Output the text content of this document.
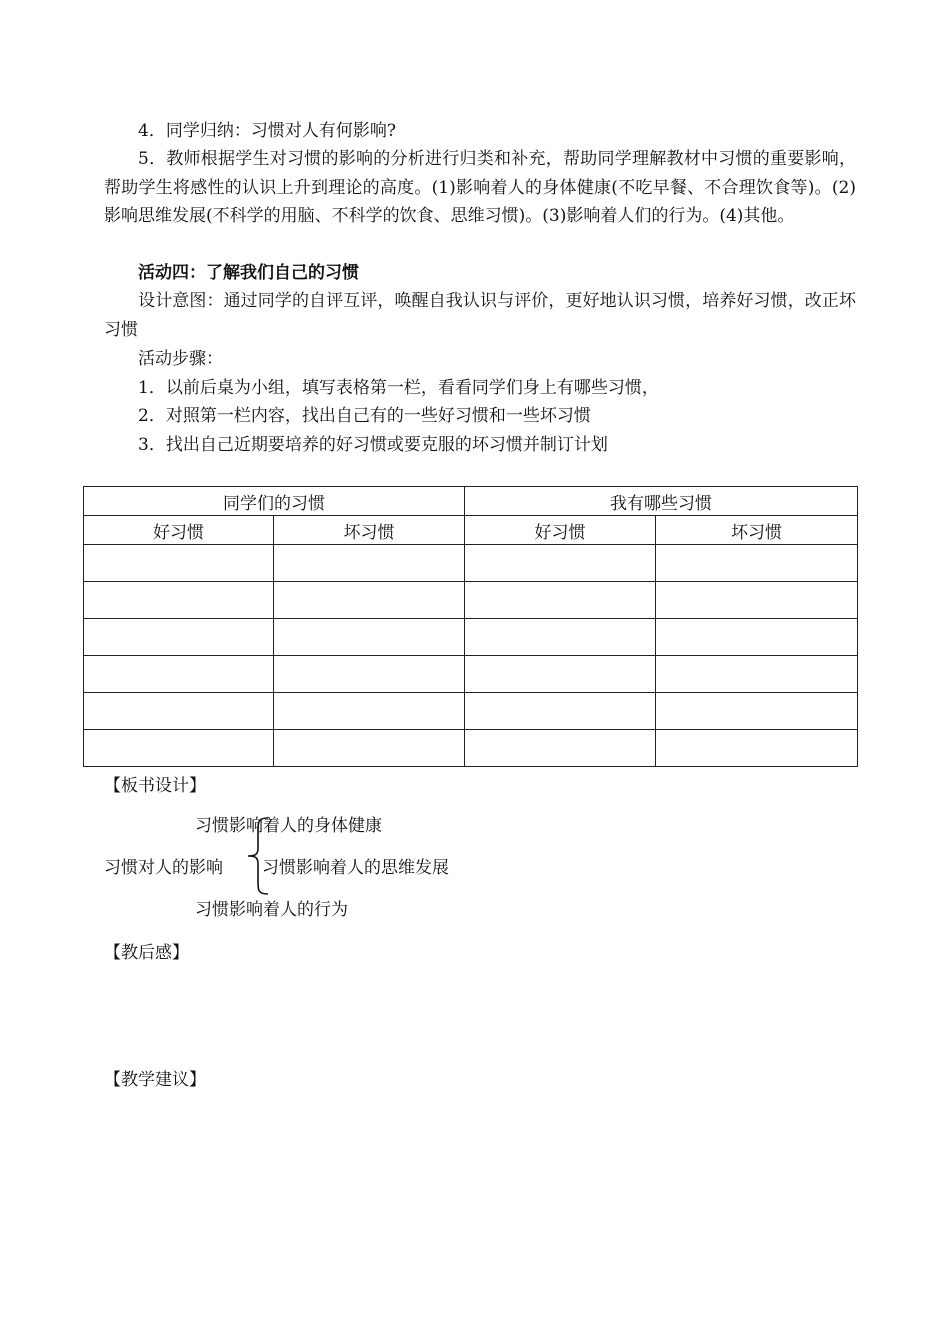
4．同学归纳：习惯对人有何影响?
5．教师根据学生对习惯的影响的分析进行归类和补充，帮助同学理解教材中习惯的重要影响，帮助学生将感性的认识上升到理论的高度。(1)影响着人的身体健康(不吃早餐、不合理饮食等)。(2)影响思维发展(不科学的用脑、不科学的饮食、思维习惯)。(3)影响着人们的行为。(4)其他。
活动四：了解我们自己的习惯
设计意图：通过同学的自评互评，唤醒自我认识与评价，更好地认识习惯，培养好习惯，改正坏习惯
活动步骤：
1．以前后桌为小组，填写表格第一栏，看看同学们身上有哪些习惯，
2．对照第一栏内容，找出自己有的一些好习惯和一些坏习惯
3．找出自己近期要培养的好习惯或要克服的坏习惯并制订计划
同学们的习惯		我有哪些习惯	
好习惯	坏习惯	好习惯	坏习惯

【板书设计】
习惯影响着人的身体健康
习惯对人的影响 习惯影响着人的思维发展
习惯影响着人的行为
【教后感】
【教学建议】
